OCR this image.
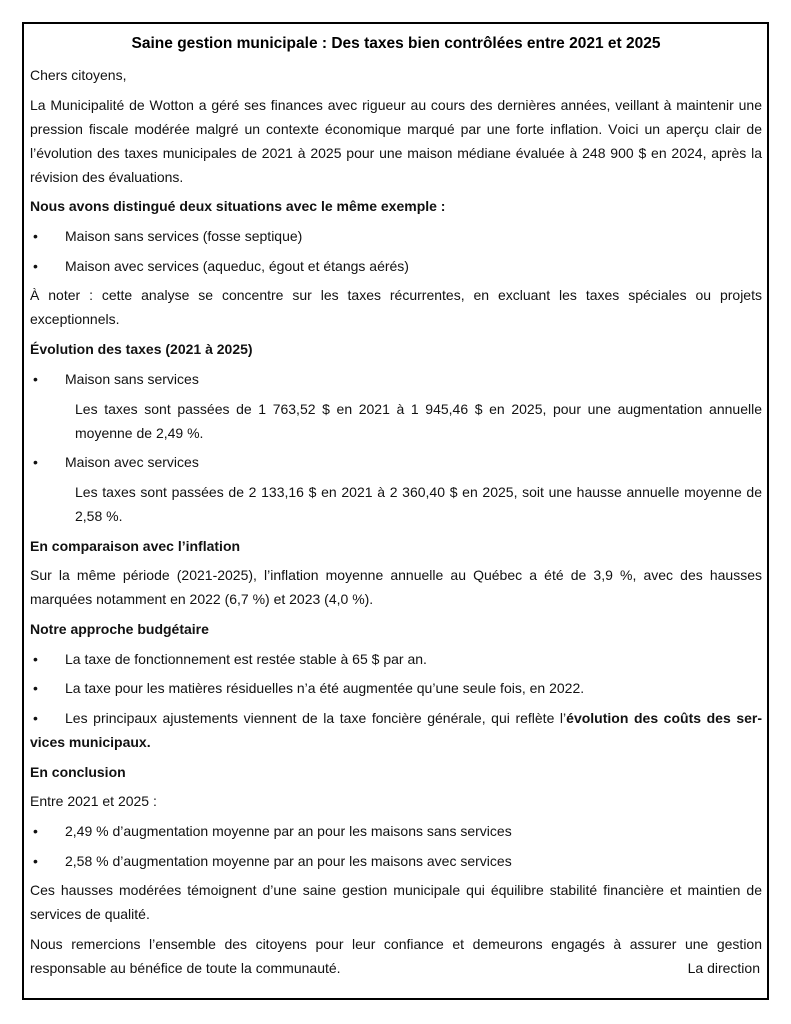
Saine gestion municipale : Des taxes bien contrôlées entre 2021 et 2025

Chers citoyens,

La Municipalité de Wotton a géré ses finances avec rigueur au cours des dernières années, veillant à maintenir une pression fiscale modérée malgré un contexte économique marqué par une forte inflation. Voici un aperçu clair de l’évolution des taxes municipales de 2021 à 2025 pour une maison médiane évaluée à 248 900 $ en 2024, après la révision des évaluations.

Nous avons distingué deux situations avec le même exemple :

•Maison sans services (fosse septique)

•Maison avec services (aqueduc, égout et étangs aérés)

À noter : cette analyse se concentre sur les taxes récurrentes, en excluant les taxes spéciales ou projets exceptionnels.

Évolution des taxes (2021 à 2025)

•Maison sans services

Les taxes sont passées de 1 763,52 $ en 2021 à 1 945,46 $ en 2025, pour une augmentation annuelle moyenne de 2,49 %.

•Maison avec services

Les taxes sont passées de 2 133,16 $ en 2021 à 2 360,40 $ en 2025, soit une hausse annuelle moyenne de 2,58 %.

En comparaison avec l’inflation

Sur la même période (2021-2025), l’inflation moyenne annuelle au Québec a été de 3,9 %, avec des hausses marquées notamment en 2022 (6,7 %) et 2023 (4,0 %).

Notre approche budgétaire

•La taxe de fonctionnement est restée stable à 65 $ par an.

•La taxe pour les matières résiduelles n’a été augmentée qu’une seule fois, en 2022.

•Les principaux ajustements viennent de la taxe foncière générale, qui reflète l’évolution des coûts des ser-vices municipaux.

En conclusion

Entre 2021 et 2025 :

•2,49 % d’augmentation moyenne par an pour les maisons sans services

•2,58 % d’augmentation moyenne par an pour les maisons avec services

Ces hausses modérées témoignent d’une saine gestion municipale qui équilibre stabilité financière et maintien de services de qualité.

Nous remercions l’ensemble des citoyens pour leur confiance et demeurons engagés à assurer une gestion responsable au bénéfice de toute la communauté.	La direction
